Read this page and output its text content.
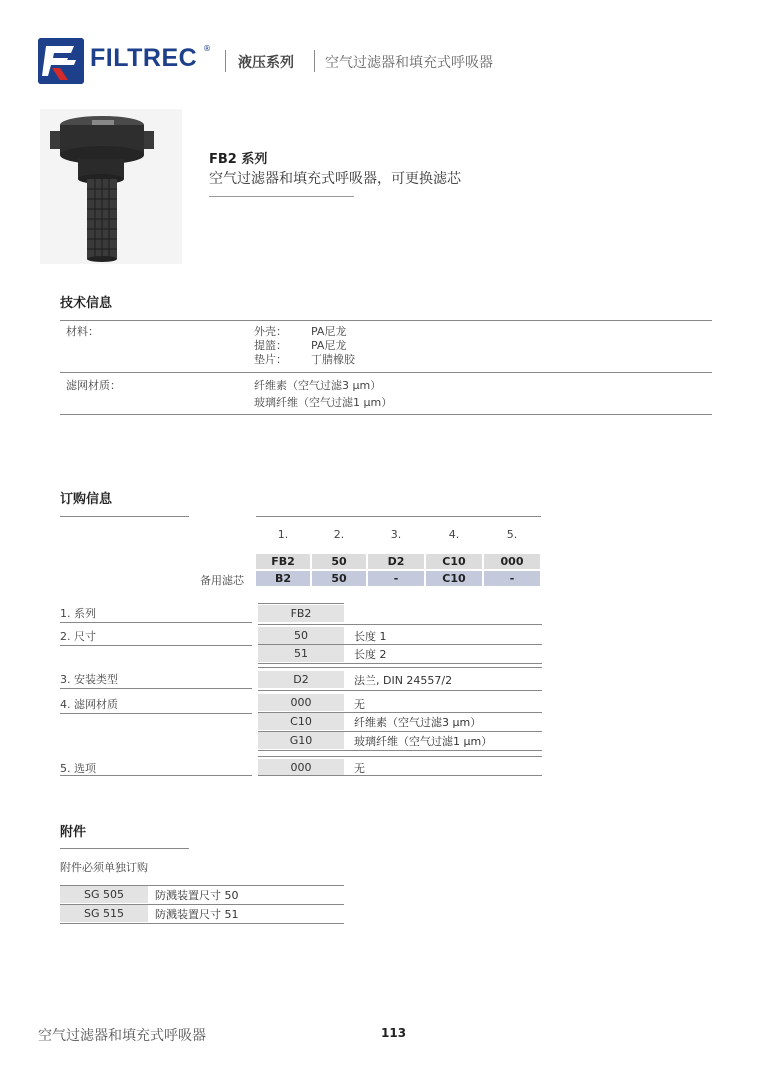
FILTREC ®
液压系列 空气过滤器和填充式呼吸器
FB2 系列
空气过滤器和填充式呼吸器，可更换滤芯
技术信息
材料：	外壳： PA尼龙
提篮： PA尼龙
垫片： 丁腈橡胶
滤网材质：	纤维素（空气过滤3 μm）
玻璃纤维（空气过滤1 μm）
订购信息
1.	2.	3.	4.	5.
FB2	50	D2	C10	000
备用滤芯	B2	50	-	C10	-
1. 系列	FB2
2. 尺寸	50	长度 1
51	长度 2
3. 安装类型	D2	法兰, DIN 24557/2
4. 滤网材质	000	无
C10	纤维素（空气过滤3 μm）
G10	玻璃纤维（空气过滤1 μm）
5. 选项	000	无
附件
附件必须单独订购
SG 505	防溅装置尺寸 50
SG 515	防溅装置尺寸 51
空气过滤器和填充式呼吸器	113
